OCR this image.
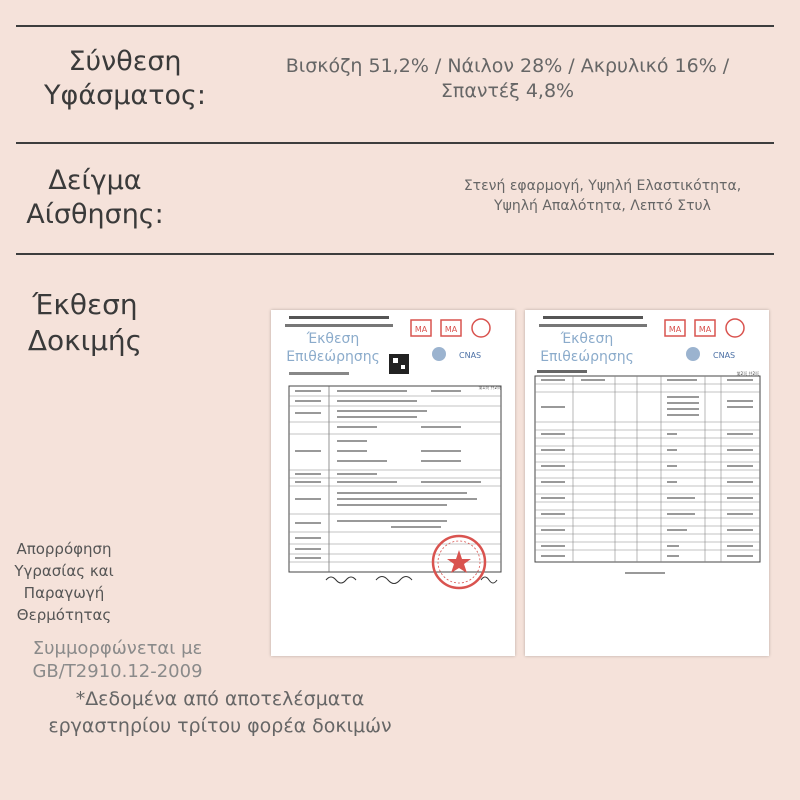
Σύνθεση
Υφάσματος:
Βισκόζη 51,2% / Νάιλον 28% / Ακρυλικό 16% /
Σπαντέξ 4,8%
Δείγμα
Αίσθησης:
Στενή εφαρμογή, Υψηλή Ελαστικότητα,
Υψηλή Απαλότητα, Λεπτό Στυλ
Έκθεση
Δοκιμής	MA MA
CNAS
第1页 共2页
Έκθεση
Επιθεώρησης
MA MA
CNAS
第2页 共2页
Έκθεση
Επιθεώρησης
Απορρόφηση
Υγρασίας και
Παραγωγή
Θερμότητας
Συμμορφώνεται με
GB/T2910.12-2009
*Δεδομένα από αποτελέσματα
εργαστηρίου τρίτου φορέα δοκιμών
